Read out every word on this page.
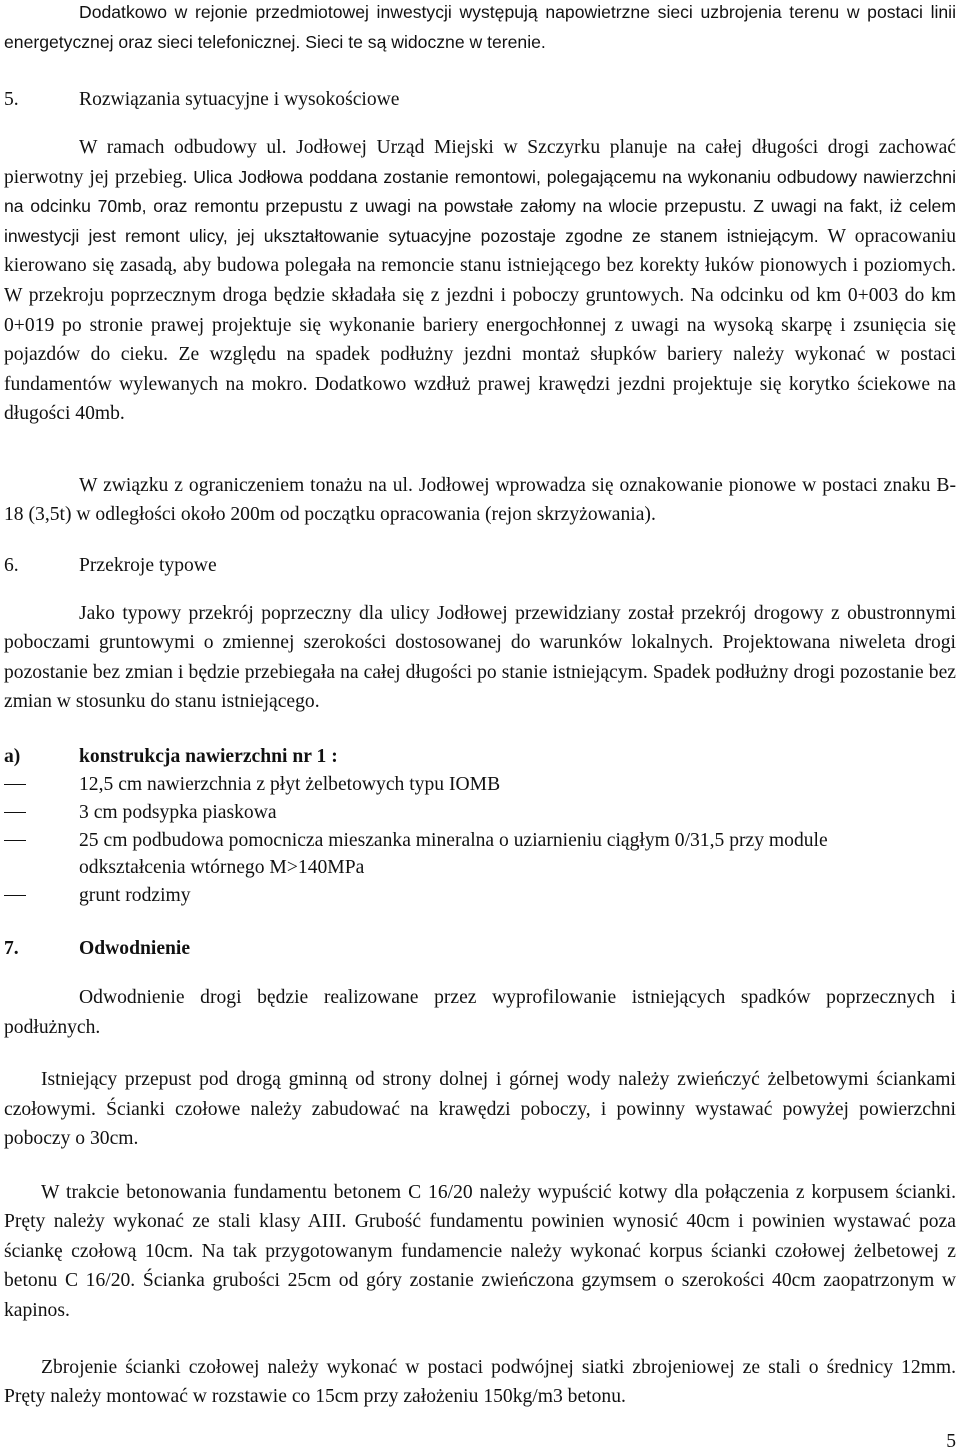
Dodatkowo w rejonie przedmiotowej inwestycji występują napowietrzne sieci uzbrojenia terenu w postaci linii energetycznej oraz sieci telefonicznej. Sieci te są widoczne w terenie.

5.	Rozwiązania sytuacyjne i wysokościowe

W ramach odbudowy ul. Jodłowej Urząd Miejski w Szczyrku planuje na całej długości drogi zachować pierwotny jej przebieg. Ulica Jodłowa poddana zostanie remontowi, polegającemu na wykonaniu odbudowy nawierzchni na odcinku 70mb, oraz remontu przepustu z uwagi na powstałe załomy na wlocie przepustu. Z uwagi na fakt, iż celem inwestycji jest remont ulicy, jej ukształtowanie sytuacyjne pozostaje zgodne ze stanem istniejącym. W opracowaniu kierowano się zasadą, aby budowa polegała na remoncie stanu istniejącego bez korekty łuków pionowych i poziomych. W przekroju poprzecznym droga będzie składała się z jezdni i poboczy gruntowych. Na odcinku od km 0+003 do km 0+019 po stronie prawej projektuje się wykonanie bariery energochłonnej z uwagi na wysoką skarpę i zsunięcia się pojazdów do cieku. Ze względu na spadek podłużny jezdni montaż słupków bariery należy wykonać w postaci fundamentów wylewanych na mokro. Dodatkowo wzdłuż prawej krawędzi jezdni projektuje się korytko ściekowe na długości 40mb.

W związku z ograniczeniem tonażu na ul. Jodłowej wprowadza się oznakowanie pionowe w postaci znaku B-18 (3,5t) w odległości około 200m od początku opracowania (rejon skrzyżowania).

6.	Przekroje typowe

Jako typowy przekrój poprzeczny dla ulicy Jodłowej przewidziany został przekrój drogowy z obustronnymi poboczami gruntowymi o zmiennej szerokości dostosowanej do warunków lokalnych. Projektowana niweleta drogi pozostanie bez zmian i będzie przebiegała na całej długości po stanie istniejącym. Spadek podłużny drogi pozostanie bez zmian w stosunku do stanu istniejącego.

a)	konstrukcja nawierzchni nr 1 :
12,5 cm nawierzchnia z płyt żelbetowych typu IOMB
3 cm podsypka piaskowa
25 cm podbudowa pomocnicza mieszanka mineralna o uziarnieniu ciągłym 0/31,5 przy module odkształcenia wtórnego M>140MPa
grunt rodzimy
7.	Odwodnienie

Odwodnienie drogi będzie realizowane przez wyprofilowanie istniejących spadków poprzecznych i podłużnych.

Istniejący przepust pod drogą gminną od strony dolnej i górnej wody należy zwieńczyć żelbetowymi ściankami czołowymi. Ścianki czołowe należy zabudować na krawędzi poboczy, i powinny wystawać powyżej powierzchni poboczy o 30cm.

W trakcie betonowania fundamentu betonem C 16/20 należy wypuścić kotwy dla połączenia z korpusem ścianki. Pręty należy wykonać ze stali klasy AIII. Grubość fundamentu powinien wynosić 40cm i powinien wystawać poza ściankę czołową 10cm. Na tak przygotowanym fundamencie należy wykonać korpus ścianki czołowej żelbetowej z betonu C 16/20. Ścianka grubości 25cm od góry zostanie zwieńczona gzymsem o szerokości 40cm zaopatrzonym w kapinos.

Zbrojenie ścianki czołowej należy wykonać w postaci podwójnej siatki zbrojeniowej ze stali o średnicy 12mm. Pręty należy montować w rozstawie co 15cm przy założeniu 150kg/m3 betonu.

5
